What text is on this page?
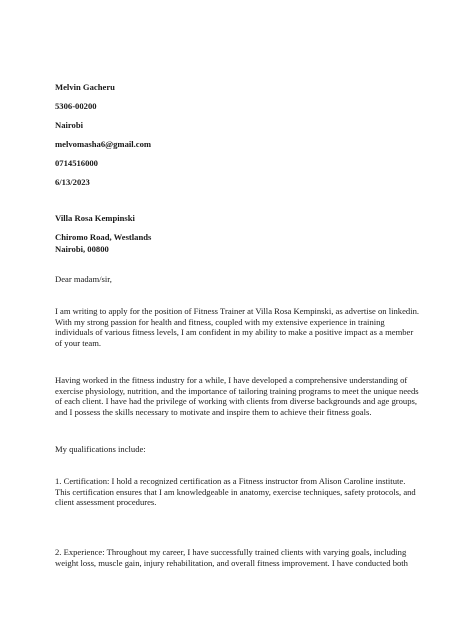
Melvin Gacheru
5306-00200
Nairobi
melvomasha6@gmail.com
0714516000
6/13/2023
Villa Rosa Kempinski
Chiromo Road, Westlands
Nairobi, 00800
Dear madam/sir,
I am writing to apply for the position of Fitness Trainer at Villa Rosa Kempinski, as advertise on linkedin.
With my strong passion for health and fitness, coupled with my extensive experience in training
individuals of various fitness levels, I am confident in my ability to make a positive impact as a member
of your team.
Having worked in the fitness industry for a while, I have developed a comprehensive understanding of
exercise physiology, nutrition, and the importance of tailoring training programs to meet the unique needs
of each client. I have had the privilege of working with clients from diverse backgrounds and age groups,
and I possess the skills necessary to motivate and inspire them to achieve their fitness goals.
My qualifications include:
1. Certification: I hold a recognized certification as a Fitness instructor from Alison Caroline institute.
This certification ensures that I am knowledgeable in anatomy, exercise techniques, safety protocols, and
client assessment procedures.
2. Experience: Throughout my career, I have successfully trained clients with varying goals, including
weight loss, muscle gain, injury rehabilitation, and overall fitness improvement. I have conducted both
